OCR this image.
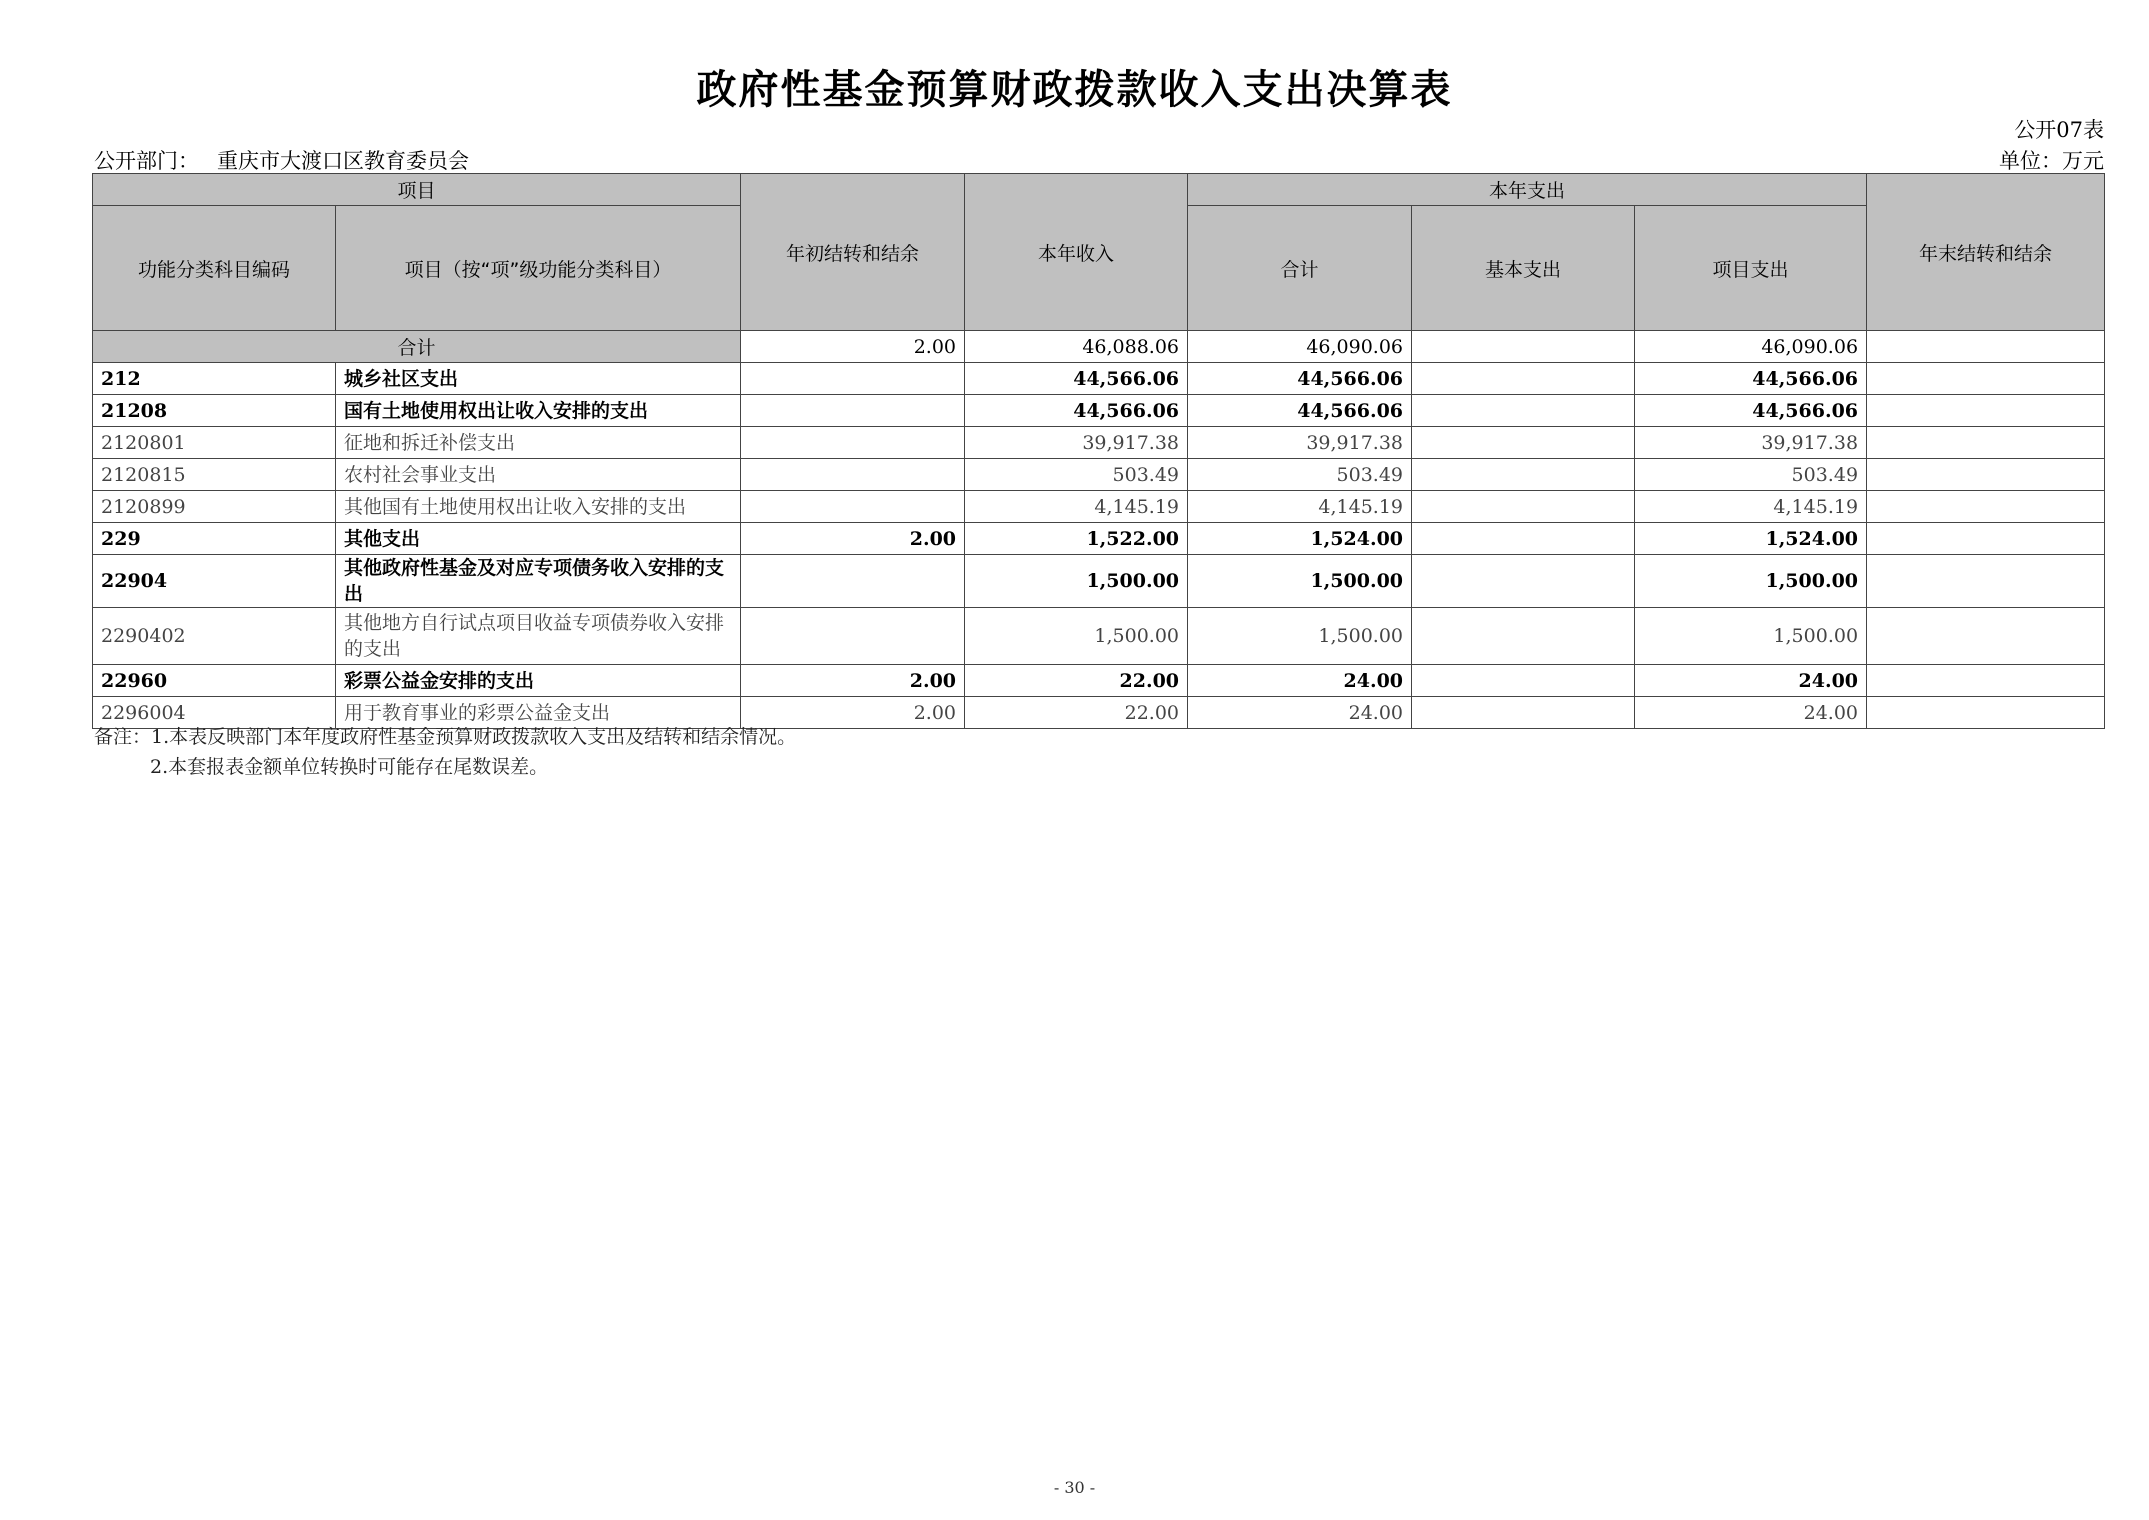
政府性基金预算财政拨款收入支出决算表
公开07表
公开部门： 重庆市大渡口区教育委员会	单位：万元
项目		年初结转和结余	本年收入	本年支出			年末结转和结余
功能分类科目编码	项目（按“项”级功能分类科目）			合计	基本支出	项目支出	
合计		2.00	46,088.06	46,090.06		46,090.06	
212	城乡社区支出		44,566.06	44,566.06		44,566.06	
21208	国有土地使用权出让收入安排的支出		44,566.06	44,566.06		44,566.06	
2120801	征地和拆迁补偿支出		39,917.38	39,917.38		39,917.38	
2120815	农村社会事业支出		503.49	503.49		503.49	
2120899	其他国有土地使用权出让收入安排的支出		4,145.19	4,145.19		4,145.19	
229	其他支出	2.00	1,522.00	1,524.00		1,524.00	
22904	其他政府性基金及对应专项债务收入安排的支出		1,500.00	1,500.00		1,500.00	
2290402	其他地方自行试点项目收益专项债券收入安排的支出		1,500.00	1,500.00		1,500.00	
22960	彩票公益金安排的支出	2.00	22.00	24.00		24.00	
2296004	用于教育事业的彩票公益金支出	2.00	22.00	24.00		24.00	
备注：1.本表反映部门本年度政府性基金预算财政拨款收入支出及结转和结余情况。
2.本套报表金额单位转换时可能存在尾数误差。
- 30 -
